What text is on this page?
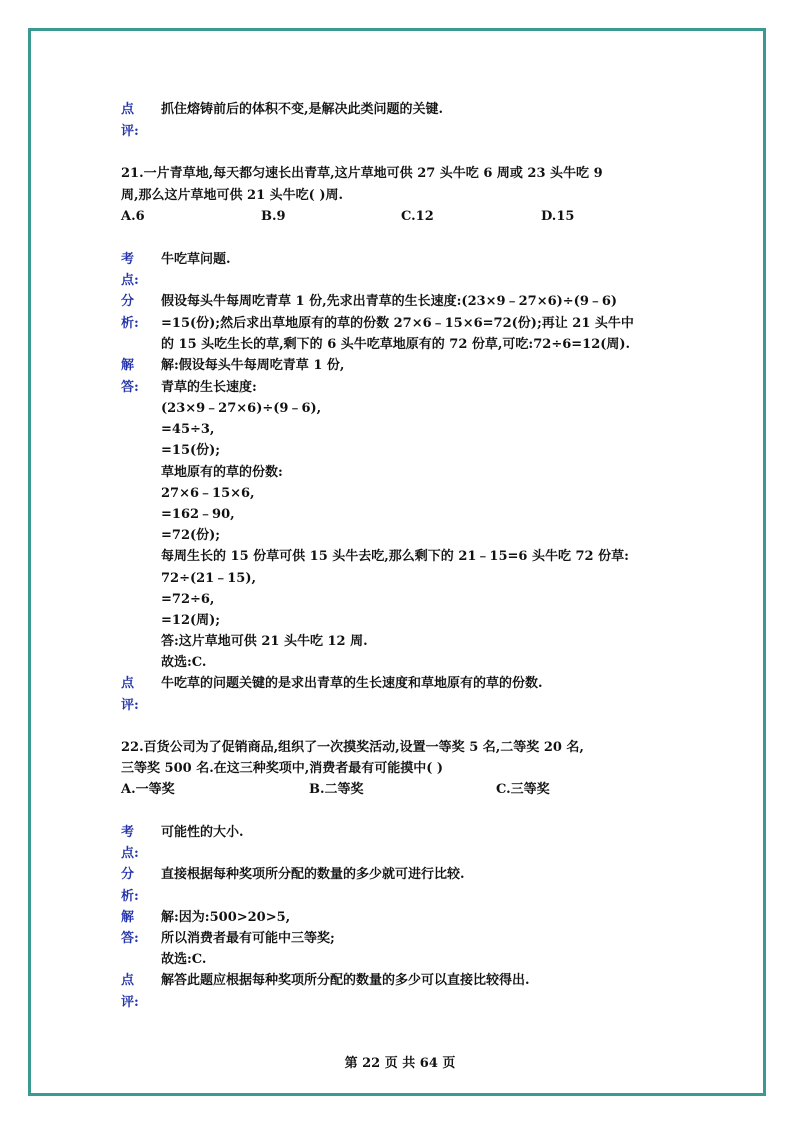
点
评:
抓住熔铸前后的体积不变,是解决此类问题的关键.
21.一片青草地,每天都匀速长出青草,这片草地可供 27 头牛吃 6 周或 23 头牛吃 9
周,那么这片草地可供 21 头牛吃( )周.
A.6	B.9	C.12	D.15
考
点:
牛吃草问题.
分
析:
假设每头牛每周吃青草 1 份,先求出青草的生长速度:(23×9﹣27×6)÷(9﹣6)
=15(份);然后求出草地原有的草的份数 27×6﹣15×6=72(份);再让 21 头牛中
的 15 头吃生长的草,剩下的 6 头牛吃草地原有的 72 份草,可吃:72÷6=12(周).
解
答:
解:假设每头牛每周吃青草 1 份,
青草的生长速度:
(23×9﹣27×6)÷(9﹣6),
=45÷3,
=15(份);
草地原有的草的份数:
27×6﹣15×6,
=162﹣90,
=72(份);
每周生长的 15 份草可供 15 头牛去吃,那么剩下的 21﹣15=6 头牛吃 72 份草:
72÷(21﹣15),
=72÷6,
=12(周);
答:这片草地可供 21 头牛吃 12 周.
故选:C.
点
评:
牛吃草的问题关键的是求出青草的生长速度和草地原有的草的份数.
22.百货公司为了促销商品,组织了一次摸奖活动,设置一等奖 5 名,二等奖 20 名,
三等奖 500 名.在这三种奖项中,消费者最有可能摸中( )
A.一等奖	B.二等奖	C.三等奖
考
点:
可能性的大小.
分
析:
直接根据每种奖项所分配的数量的多少就可进行比较.
解
答:
解:因为:500>20>5,
所以消费者最有可能中三等奖;
故选:C.
点
评:
解答此题应根据每种奖项所分配的数量的多少可以直接比较得出.
第 22 页 共 64 页
